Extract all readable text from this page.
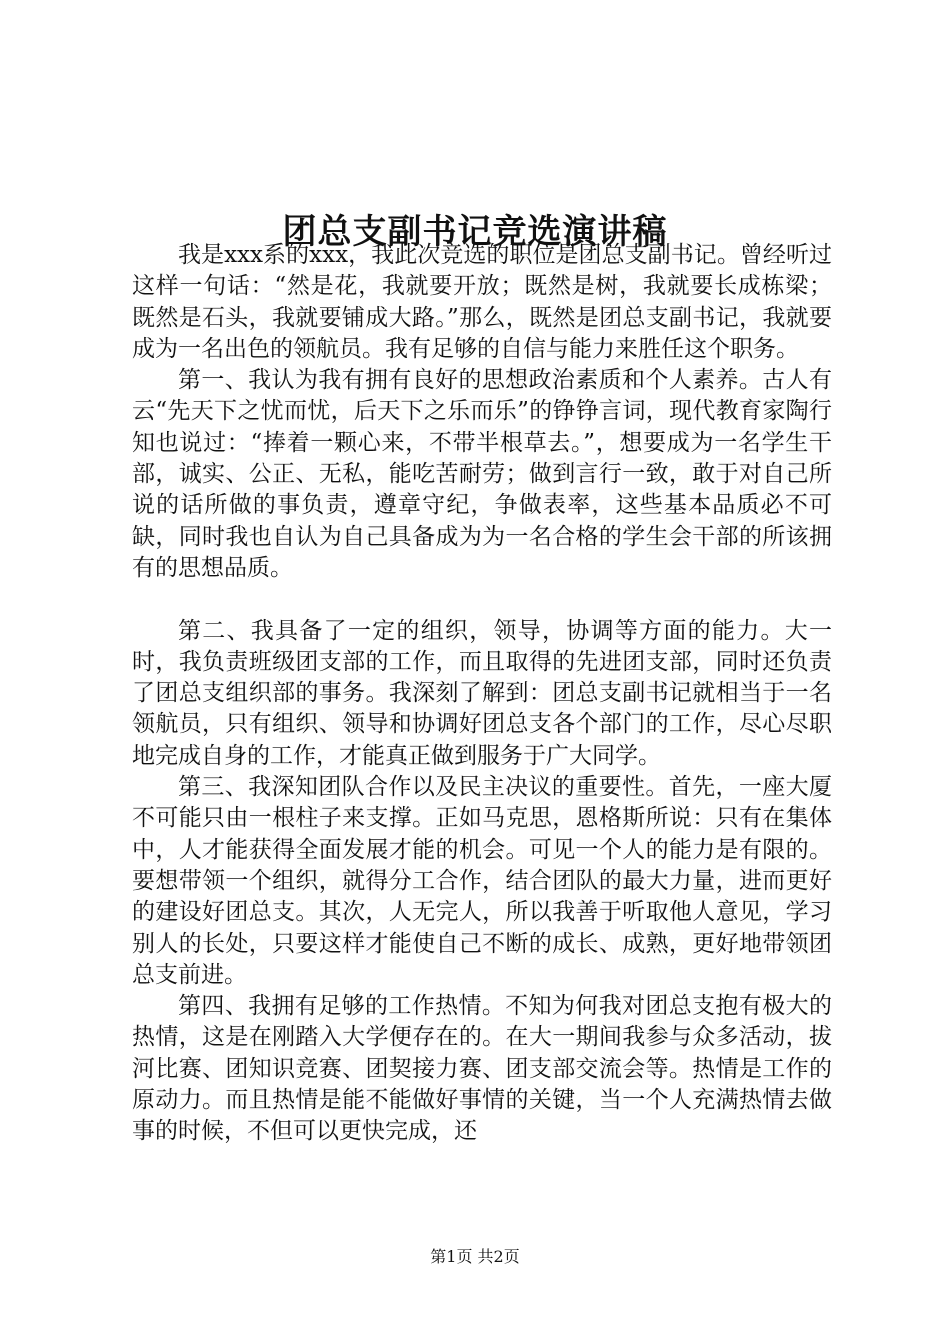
团总支副书记竞选演讲稿

我是xxx系的xxx，我此次竞选的职位是团总支副书记。曾经听过这样一句话：“然是花，我就要开放；既然是树，我就要长成栋梁；既然是石头，我就要铺成大路。”那么，既然是团总支副书记，我就要成为一名出色的领航员。我有足够的自信与能力来胜任这个职务。

第一、我认为我有拥有良好的思想政治素质和个人素养。古人有云“先天下之忧而忧，后天下之乐而乐”的铮铮言词，现代教育家陶行知也说过：“捧着一颗心来，不带半根草去。”，想要成为一名学生干部，诚实、公正、无私，能吃苦耐劳；做到言行一致，敢于对自己所说的话所做的事负责，遵章守纪，争做表率，这些基本品质必不可缺，同时我也自认为自己具备成为为一名合格的学生会干部的所该拥有的思想品质。

第二、我具备了一定的组织，领导，协调等方面的能力。大一时，我负责班级团支部的工作，而且取得的先进团支部，同时还负责了团总支组织部的事务。我深刻了解到：团总支副书记就相当于一名领航员，只有组织、领导和协调好团总支各个部门的工作，尽心尽职地完成自身的工作，才能真正做到服务于广大同学。

第三、我深知团队合作以及民主决议的重要性。首先，一座大厦不可能只由一根柱子来支撑。正如马克思，恩格斯所说：只有在集体中，人才能获得全面发展才能的机会。可见一个人的能力是有限的。要想带领一个组织，就得分工合作，结合团队的最大力量，进而更好的建设好团总支。其次，人无完人，所以我善于听取他人意见，学习别人的长处，只要这样才能使自己不断的成长、成熟，更好地带领团总支前进。

第四、我拥有足够的工作热情。不知为何我对团总支抱有极大的热情，这是在刚踏入大学便存在的。在大一期间我参与众多活动，拔河比赛、团知识竞赛、团契接力赛、团支部交流会等。热情是工作的原动力。而且热情是能不能做好事情的关键，当一个人充满热情去做事的时候，不但可以更快完成，还

第1页 共2页
